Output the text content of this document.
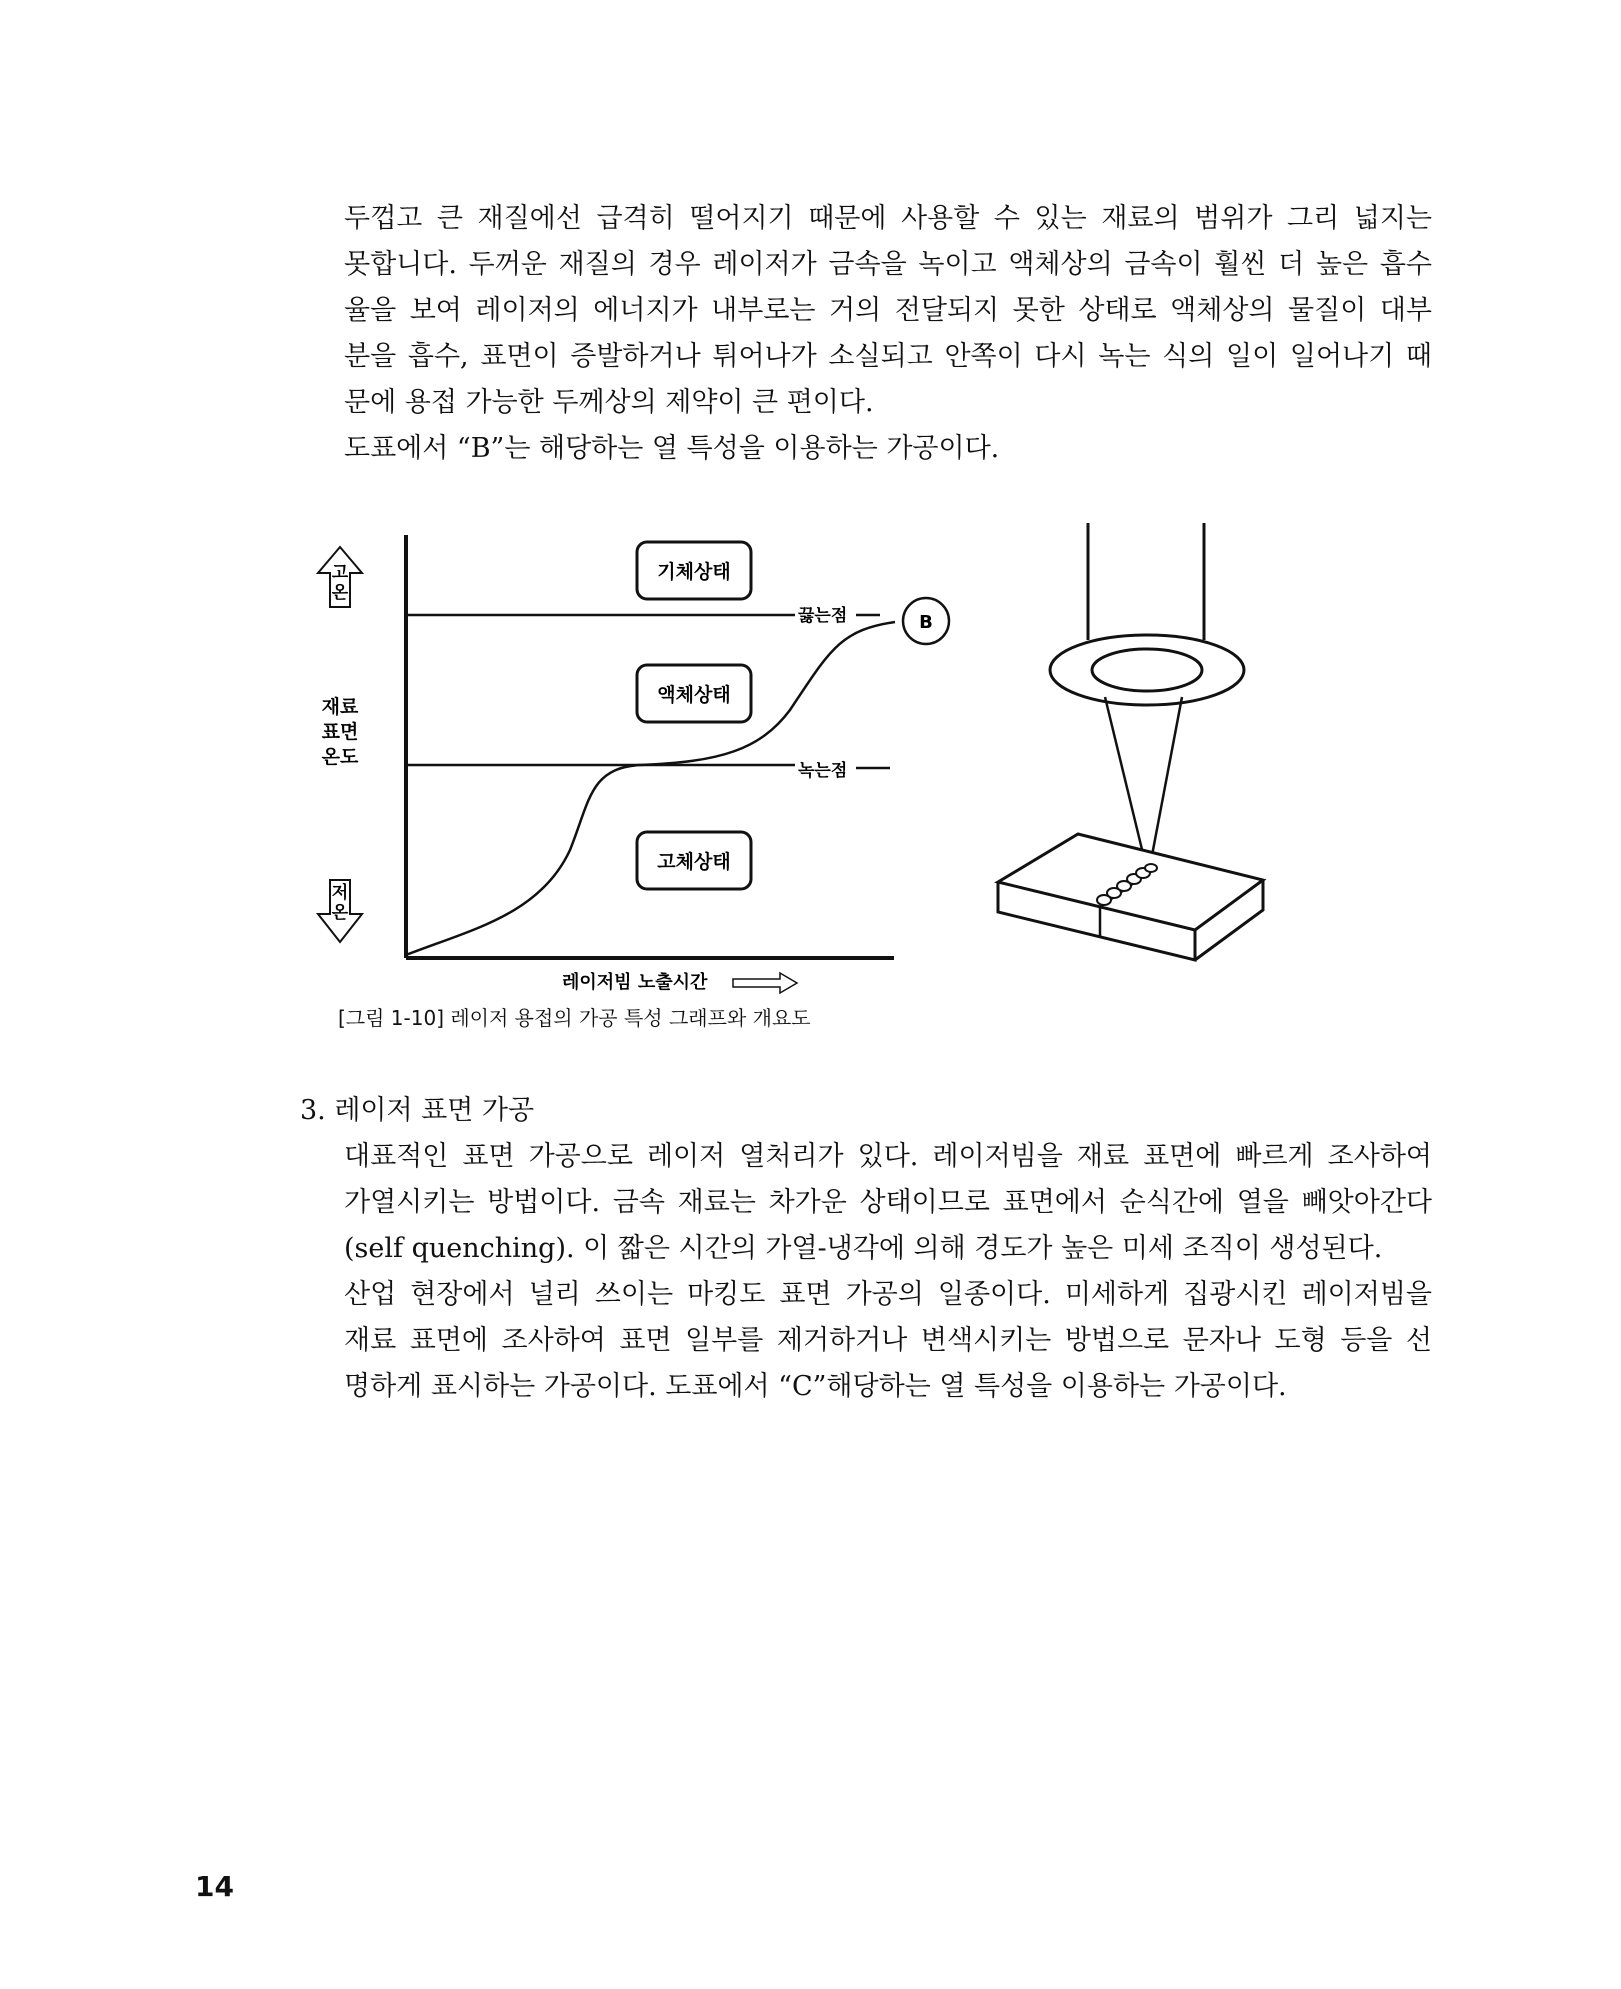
두껍고 큰 재질에선 급격히 떨어지기 때문에 사용할 수 있는 재료의 범위가 그리 넓지는
못합니다. 두꺼운 재질의 경우 레이저가 금속을 녹이고 액체상의 금속이 훨씬 더 높은 흡수
율을 보여 레이저의 에너지가 내부로는 거의 전달되지 못한 상태로 액체상의 물질이 대부
분을 흡수, 표면이 증발하거나 튀어나가 소실되고 안쪽이 다시 녹는 식의 일이 일어나기 때
문에 용접 가능한 두께상의 제약이 큰 편이다.
도표에서 “B”는 해당하는 열 특성을 이용하는 가공이다.
고
온
재료
표면
온도
저
온
끓는점
녹는점
기체상태
액체상태
고체상태
B
레이저빔 노출시간
[그림 1-10] 레이저 용접의 가공 특성 그래프와 개요도
3. 레이저 표면 가공
대표적인 표면 가공으로 레이저 열처리가 있다. 레이저빔을 재료 표면에 빠르게 조사하여
가열시키는 방법이다. 금속 재료는 차가운 상태이므로 표면에서 순식간에 열을 빼앗아간다
(self quenching). 이 짧은 시간의 가열-냉각에 의해 경도가 높은 미세 조직이 생성된다.
산업 현장에서 널리 쓰이는 마킹도 표면 가공의 일종이다. 미세하게 집광시킨 레이저빔을
재료 표면에 조사하여 표면 일부를 제거하거나 변색시키는 방법으로 문자나 도형 등을 선
명하게 표시하는 가공이다. 도표에서 “C”해당하는 열 특성을 이용하는 가공이다.
14
